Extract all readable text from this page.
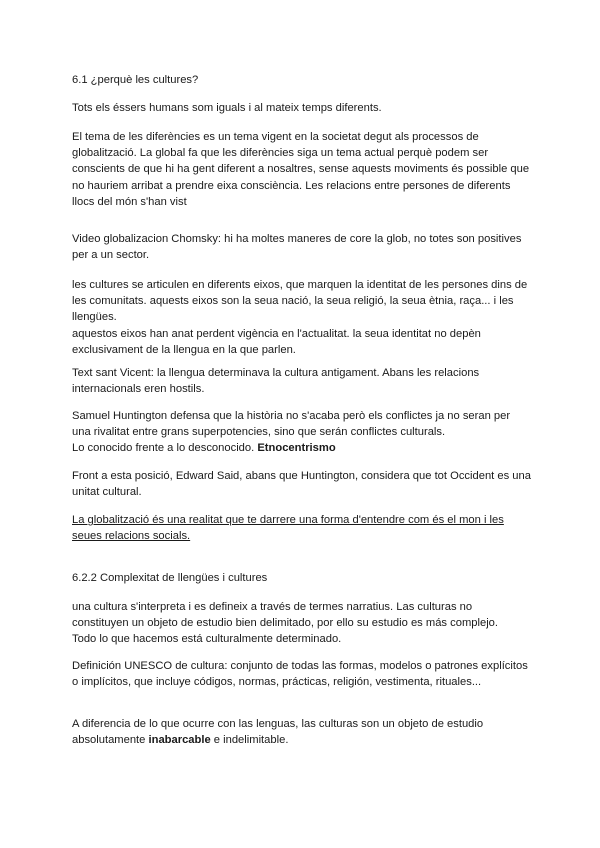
6.1 ¿perquè les cultures?

Tots els éssers humans som iguals i al mateix temps diferents.

El tema de les diferències es un tema vigent en la societat degut als processos de
globalització. La global fa que les diferències siga un tema actual perquè podem ser
conscients de que hi ha gent diferent a nosaltres, sense aquests moviments és possible que
no hauriem arribat a prendre eixa consciència. Les relacions entre persones de diferents
llocs del món s'han vist

Video globalizacion Chomsky: hi ha moltes maneres de core la glob, no totes son positives
per a un sector.

les cultures se articulen en diferents eixos, que marquen la identitat de les persones dins de
les comunitats. aquests eixos son la seua nació, la seua religió, la seua ètnia, raça... i les
llengües.
aquestos eixos han anat perdent vigència en l'actualitat. la seua identitat no depèn
exclusivament de la llengua en la que parlen.

Text sant Vicent: la llengua determinava la cultura antigament. Abans les relacions
internacionals eren hostils.

Samuel Huntington defensa que la història no s'acaba però els conflictes ja no seran per
una rivalitat entre grans superpotencies, sino que serán conflictes culturals.
Lo conocido frente a lo desconocido. Etnocentrismo

Front a esta posició, Edward Said, abans que Huntington, considera que tot Occident es una
unitat cultural.

La globalització és una realitat que te darrere una forma d'entendre com és el mon i les
seues relacions socials.

6.2.2 Complexitat de llengües i cultures

una cultura s'interpreta i es defineix a través de termes narratius. Las culturas no
constituyen un objeto de estudio bien delimitado, por ello su estudio es más complejo.
Todo lo que hacemos está culturalmente determinado.

Definición UNESCO de cultura: conjunto de todas las formas, modelos o patrones explícitos
o implícitos, que incluye códigos, normas, prácticas, religión, vestimenta, rituales...

A diferencia de lo que ocurre con las lenguas, las culturas son un objeto de estudio
absolutamente inabarcable e indelimitable.
